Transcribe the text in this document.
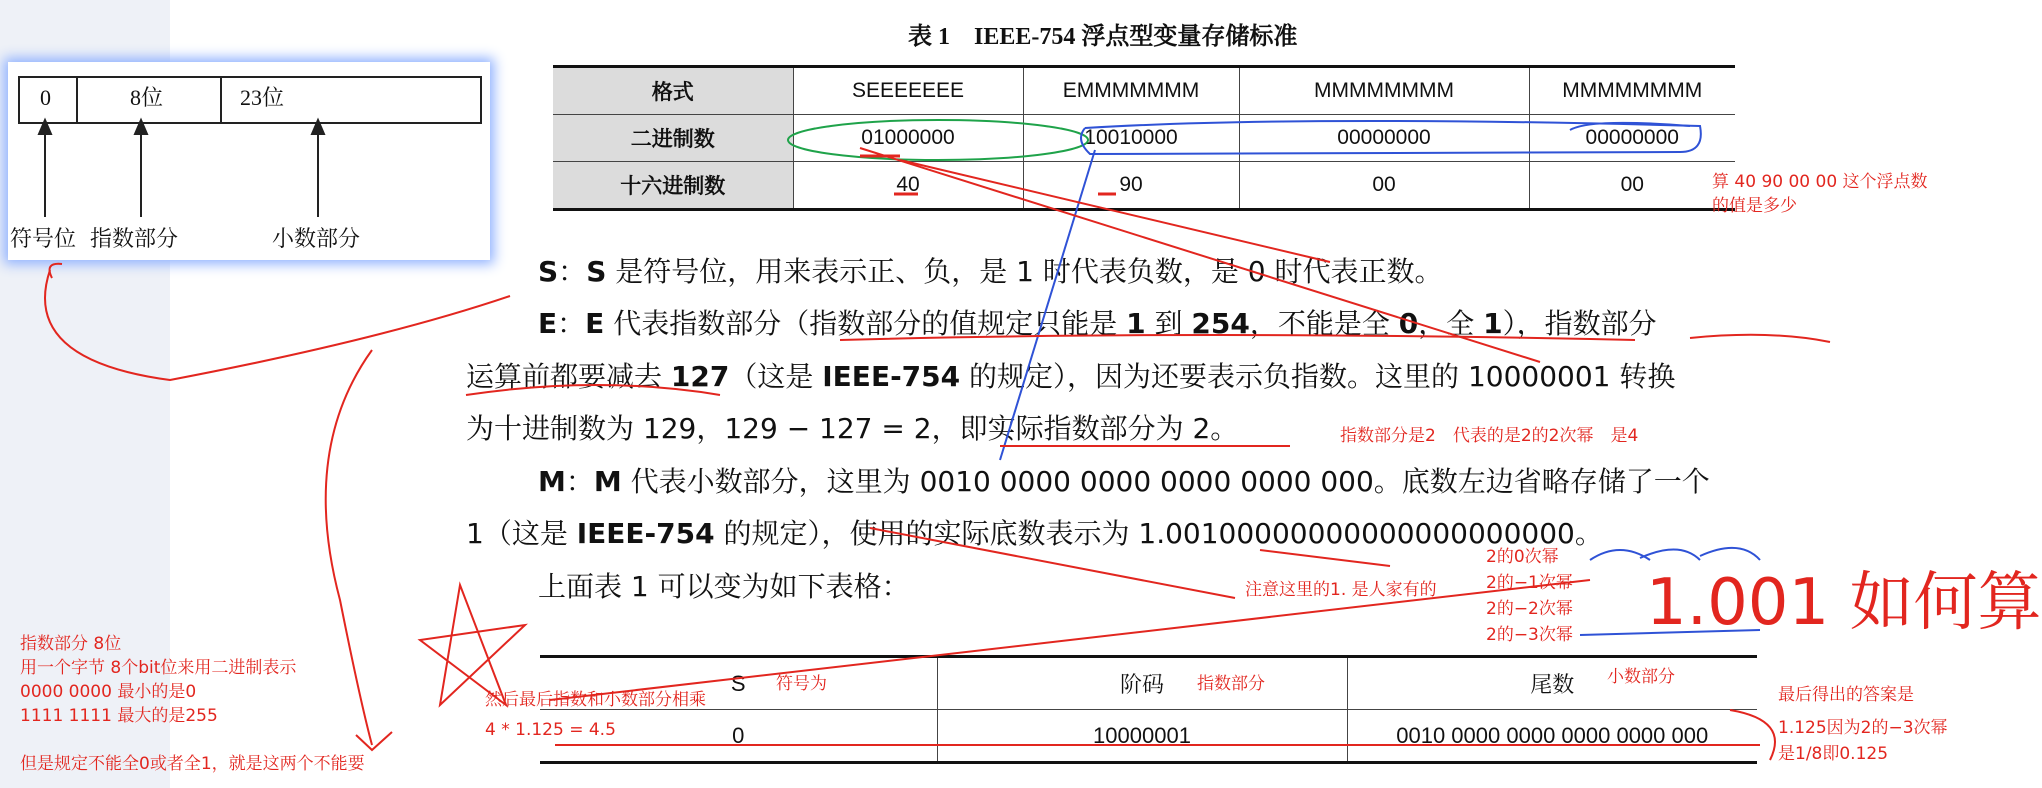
0	8位	23位
符号位 指数部分	小数部分
表 1　IEEE-754 浮点型变量存储标准
格式	SEEEEEEE	EMMMMMMM	MMMMMMMM	MMMMMMMM
二进制数	01000000	10010000	00000000	00000000
十六进制数	40	90	00	00
S：S 是符号位，用来表示正、负，是 1 时代表负数，是 0 时代表正数。
E：E 代表指数部分（指数部分的值规定只能是 1 到 254，不能是全 0，全 1），指数部分
运算前都要减去 127（这是 IEEE-754 的规定），因为还要表示负指数。这里的 10000001 转换
为十进制数为 129，129 − 127 = 2，即实际指数部分为 2。
M：M 代表小数部分，这里为 0010 0000 0000 0000 0000 000。底数左边省略存储了一个
1（这是 IEEE-754 的规定），使用的实际底数表示为 1.00100000000000000000000。
上面表 1 可以变为如下表格：
S	阶码	尾数
0	10000001	0010 0000 0000 0000 0000 000
算 40 90 00 00 这个浮点数
的值是多少
指数部分是2　代表的是2的2次幂　是4
注意这里的1. 是人家有的
2的0次幂
2的−1次幂
2的−2次幂
2的−3次幂 1.001 如何算
指数部分 8位
用一个字节 8个bit位来用二进制表示
0000 0000 最小的是0
1111 1111 最大的是255
但是规定不能全0或者全1，就是这两个不能要
符号为	指数部分	小数部分
然后最后指数和小数部分相乘
4 * 1.125 = 4.5
最后得出的答案是
1.125因为2的−3次幂
是1/8即0.125
